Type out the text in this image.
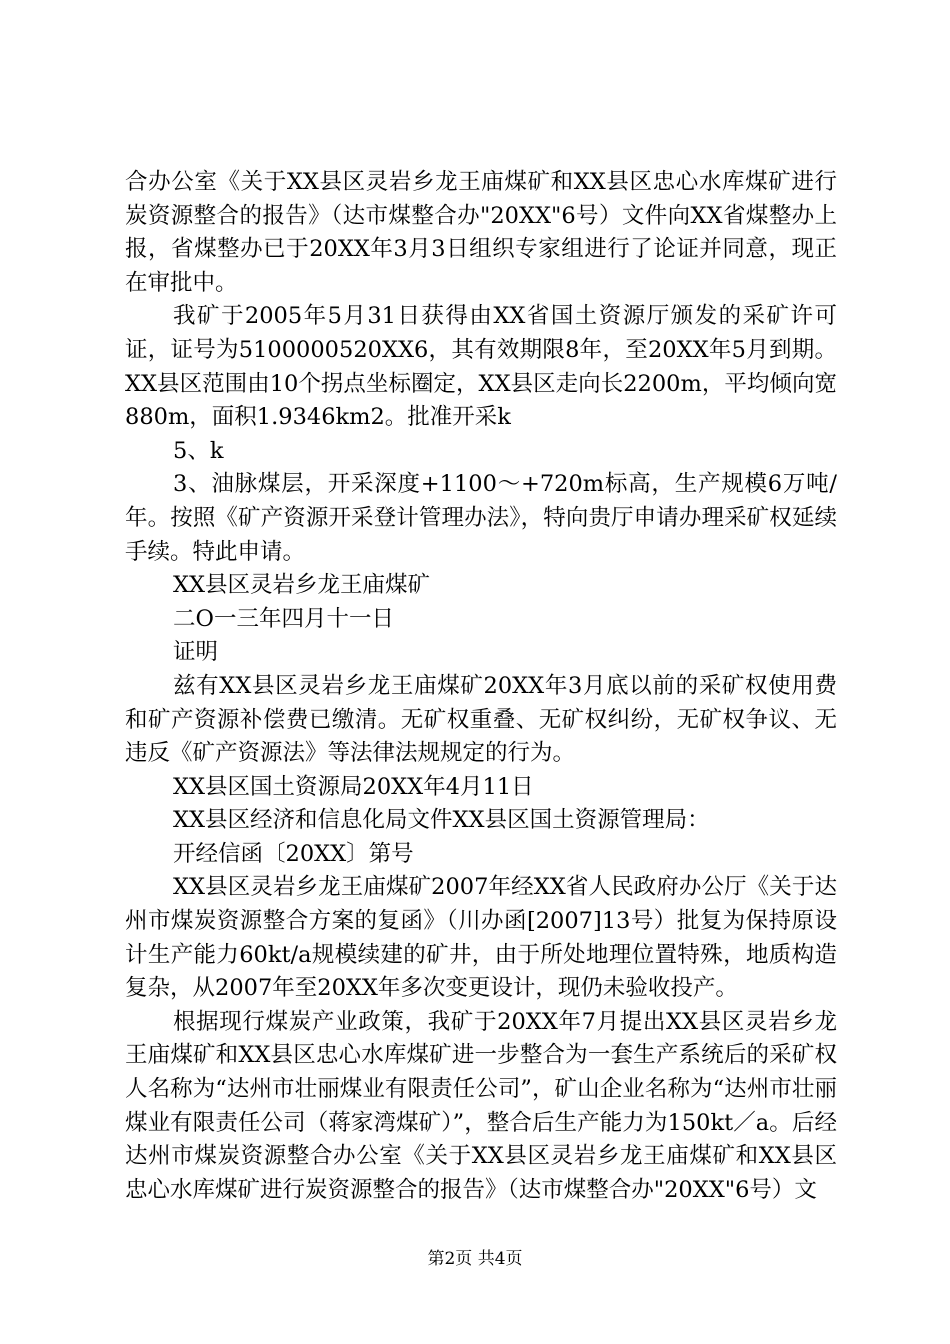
合办公室《关于XX县区灵岩乡龙王庙煤矿和XX县区忠心水库煤矿进行炭资源整合的报告》（达市煤整合办"20XX"6号）文件向XX省煤整办上报，省煤整办已于20XX年3月3日组织专家组进行了论证并同意，现正在审批中。

我矿于2005年5月31日获得由XX省国土资源厅颁发的采矿许可证，证号为5100000520XX6，其有效期限8年，至20XX年5月到期。XX县区范围由10个拐点坐标圈定，XX县区走向长2200m，平均倾向宽880m，面积1.9346km2。批准开采k

5、k

3、油脉煤层，开采深度+1100～+720m标高，生产规模6万吨/年。按照《矿产资源开采登计管理办法》，特向贵厅申请办理采矿权延续手续。特此申请。

XX县区灵岩乡龙王庙煤矿

二O一三年四月十一日

证明

兹有XX县区灵岩乡龙王庙煤矿20XX年3月底以前的采矿权使用费和矿产资源补偿费已缴清。无矿权重叠、无矿权纠纷，无矿权争议、无违反《矿产资源法》等法律法规规定的行为。

XX县区国土资源局20XX年4月11日

XX县区经济和信息化局文件XX县区国土资源管理局：

开经信函〔20XX〕第号

XX县区灵岩乡龙王庙煤矿2007年经XX省人民政府办公厅《关于达州市煤炭资源整合方案的复函》（川办函[2007]13号）批复为保持原设计生产能力60kt/a规模续建的矿井，由于所处地理位置特殊，地质构造复杂，从2007年至20XX年多次变更设计，现仍未验收投产。

根据现行煤炭产业政策，我矿于20XX年7月提出XX县区灵岩乡龙王庙煤矿和XX县区忠心水库煤矿进一步整合为一套生产系统后的采矿权人名称为“达州市壮丽煤业有限责任公司”，矿山企业名称为“达州市壮丽煤业有限责任公司（蒋家湾煤矿）”，整合后生产能力为150kt／a。后经达州市煤炭资源整合办公室《关于XX县区灵岩乡龙王庙煤矿和XX县区忠心水库煤矿进行炭资源整合的报告》（达市煤整合办"20XX"6号）文

第2页 共4页
